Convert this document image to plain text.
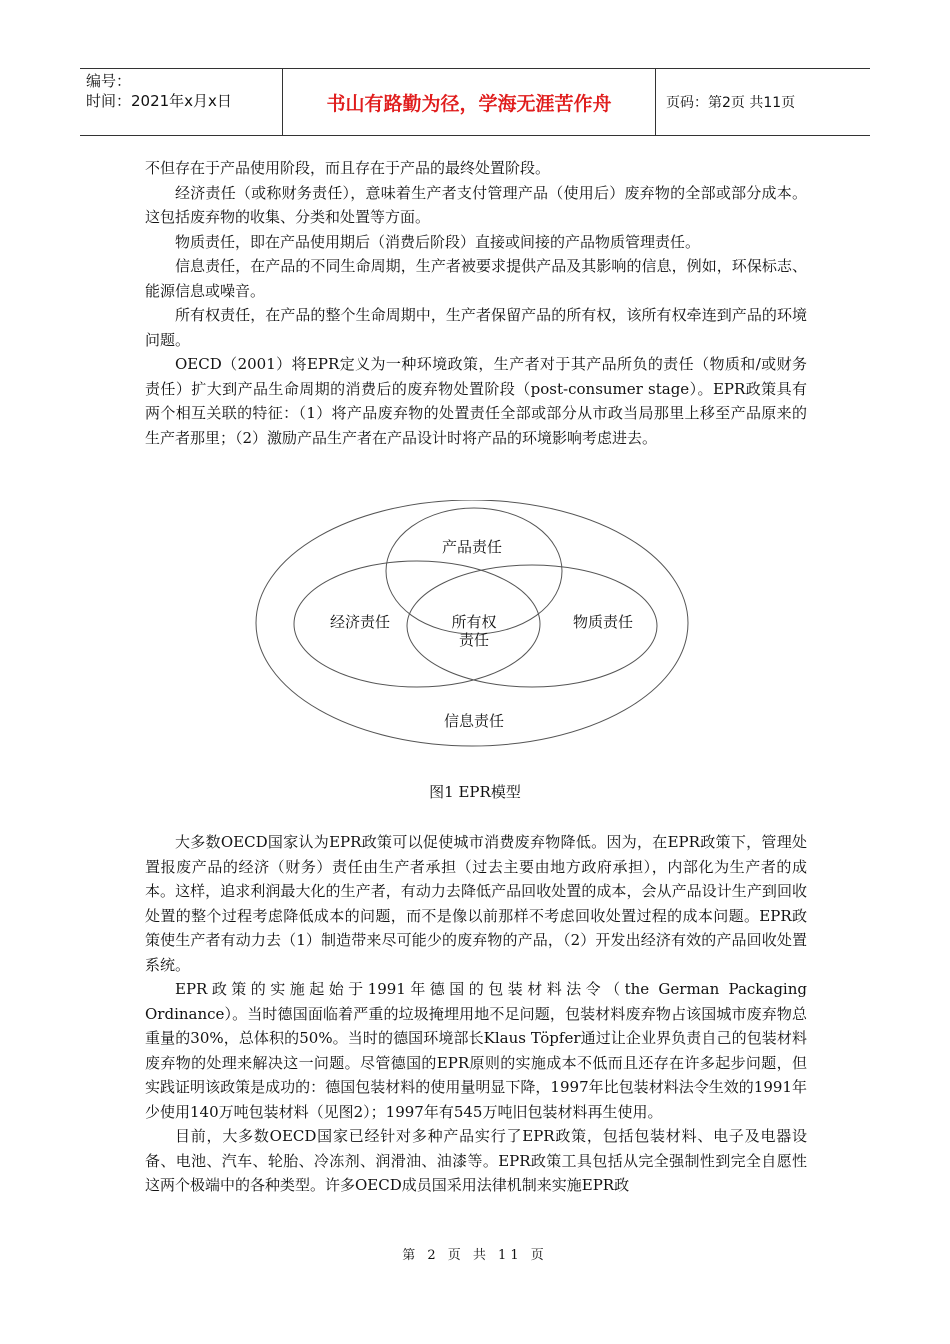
编号：
时间：2021年x月x日	书山有路勤为径，学海无涯苦作舟	页码：第2页 共11页

不但存在于产品使用阶段，而且存在于产品的最终处置阶段。

经济责任（或称财务责任），意味着生产者支付管理产品（使用后）废弃物的全部或部分成本。这包括废弃物的收集、分类和处置等方面。

物质责任，即在产品使用期后（消费后阶段）直接或间接的产品物质管理责任。

信息责任，在产品的不同生命周期，生产者被要求提供产品及其影响的信息，例如，环保标志、能源信息或噪音。

所有权责任，在产品的整个生命周期中，生产者保留产品的所有权，该所有权牵连到产品的环境问题。

OECD（2001）将EPR定义为一种环境政策，生产者对于其产品所负的责任（物质和/或财务责任）扩大到产品生命周期的消费后的废弃物处置阶段（post-consumer stage）。EPR政策具有两个相互关联的特征：（1）将产品废弃物的处置责任全部或部分从市政当局那里上移至产品原来的生产者那里；（2）激励产品生产者在产品设计时将产品的环境影响考虑进去。

产品责任
经济责任	所有权
责任
物质责任
信息责任
图1 EPR模型

大多数OECD国家认为EPR政策可以促使城市消费废弃物降低。因为，在EPR政策下，管理处置报废产品的经济（财务）责任由生产者承担（过去主要由地方政府承担），内部化为生产者的成本。这样，追求利润最大化的生产者，有动力去降低产品回收处置的成本，会从产品设计生产到回收处置的整个过程考虑降低成本的问题，而不是像以前那样不考虑回收处置过程的成本问题。EPR政策使生产者有动力去（1）制造带来尽可能少的废弃物的产品，（2）开发出经济有效的产品回收处置系统。

EPR政策的实施起始于1991年德国的包装材料法令（the German Packaging Ordinance）。当时德国面临着严重的垃圾掩埋用地不足问题，包装材料废弃物占该国城市废弃物总重量的30%，总体积的50%。当时的德国环境部长Klaus Töpfer通过让企业界负责自己的包装材料废弃物的处理来解决这一问题。尽管德国的EPR原则的实施成本不低而且还存在许多起步问题，但实践证明该政策是成功的：德国包装材料的使用量明显下降，1997年比包装材料法令生效的1991年少使用140万吨包装材料（见图2）；1997年有545万吨旧包装材料再生使用。

目前，大多数OECD国家已经针对多种产品实行了EPR政策，包括包装材料、电子及电器设备、电池、汽车、轮胎、冷冻剂、润滑油、油漆等。EPR政策工具包括从完全强制性到完全自愿性这两个极端中的各种类型。许多OECD成员国采用法律机制来实施EPR政

第 2 页 共 11 页
